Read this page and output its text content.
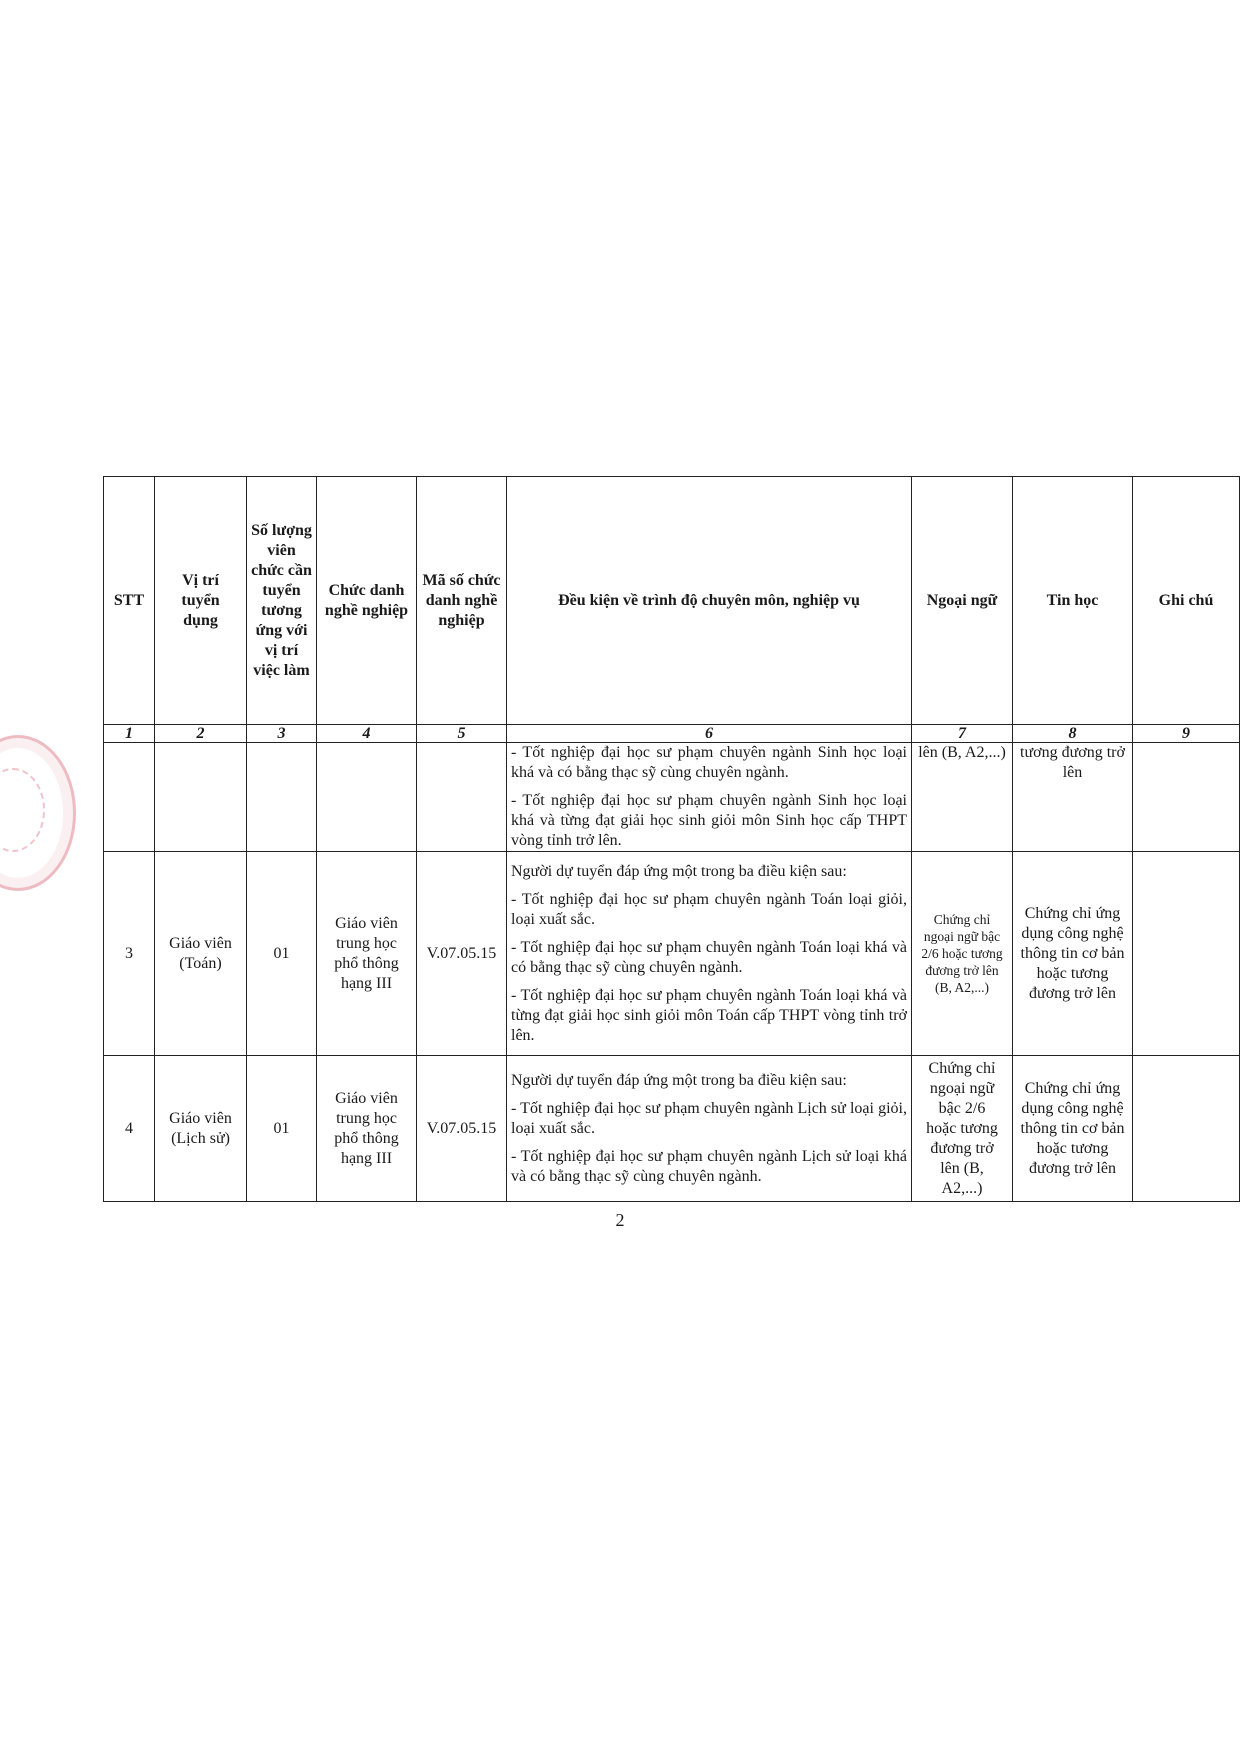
STT	Vị trí tuyển dụng	Số lượng viên chức cần tuyển tương ứng với vị trí việc làm	Chức danh nghề nghiệp	Mã số chức danh nghề nghiệp	Đều kiện về trình độ chuyên môn, nghiệp vụ	Ngoại ngữ	Tin học	Ghi chú
1	2	3	4	5	6	7	8	9

					- Tốt nghiệp đại học sư phạm chuyên ngành Sinh học loại khá và có bằng thạc sỹ cùng chuyên ngành.

- Tốt nghiệp đại học sư phạm chuyên ngành Sinh học loại khá và từng đạt giải học sinh giỏi môn Sinh học cấp THPT vòng tỉnh trở lên.	lên (B, A2,...)	tương đương trở lên	
3	Giáo viên (Toán)	01	Giáo viên trung học phổ thông hạng III	V.07.05.15	Người dự tuyển đáp ứng một trong ba điều kiện sau:

- Tốt nghiệp đại học sư phạm chuyên ngành Toán loại giỏi, loại xuất sắc.

- Tốt nghiệp đại học sư phạm chuyên ngành Toán loại khá và có bằng thạc sỹ cùng chuyên ngành.

- Tốt nghiệp đại học sư phạm chuyên ngành Toán loại khá và từng đạt giải học sinh giỏi môn Toán cấp THPT vòng tỉnh trở lên.	Chứng chỉ ngoại ngữ bậc 2/6 hoặc tương đương trở lên (B, A2,...)	Chứng chỉ ứng dụng công nghệ thông tin cơ bản hoặc tương đương trở lên	
4	Giáo viên (Lịch sử)	01	Giáo viên trung học phổ thông hạng III	V.07.05.15	Người dự tuyển đáp ứng một trong ba điều kiện sau:

- Tốt nghiệp đại học sư phạm chuyên ngành Lịch sử loại giỏi, loại xuất sắc.

- Tốt nghiệp đại học sư phạm chuyên ngành Lịch sử loại khá và có bằng thạc sỹ cùng chuyên ngành.	Chứng chỉ ngoại ngữ bậc 2/6 hoặc tương đương trở lên (B, A2,...)	Chứng chỉ ứng dụng công nghệ thông tin cơ bản hoặc tương đương trở lên	
2
